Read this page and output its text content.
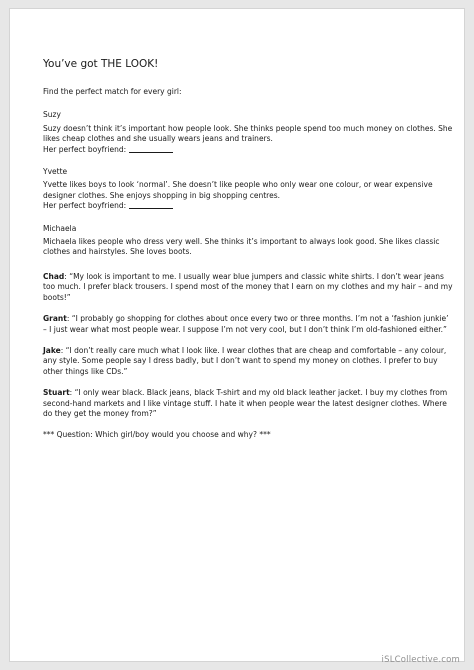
You’ve got THE LOOK!
Find the perfect match for every girl:
Suzy

Suzy doesn’t think it’s important how people look. She thinks people spend too much money on clothes. She likes cheap clothes and she usually wears jeans and trainers.

Her perfect boyfriend:
Yvette

Yvette likes boys to look ‘normal’. She doesn’t like people who only wear one colour, or wear expensive designer clothes. She enjoys shopping in big shopping centres.

Her perfect boyfriend:
Michaela

Michaela likes people who dress very well. She thinks it’s important to always look good. She likes classic clothes and hairstyles. She loves boots.

Chad: “My look is important to me. I usually wear blue jumpers and classic white shirts. I don’t wear jeans too much. I prefer black trousers. I spend most of the money that I earn on my clothes and my hair – and my boots!”
Grant: “I probably go shopping for clothes about once every two or three months. I’m not a ‘fashion junkie’ – I just wear what most people wear. I suppose I’m not very cool, but I don’t think I’m old-fashioned either.”
Jake: “I don’t really care much what I look like. I wear clothes that are cheap and comfortable – any colour, any style. Some people say I dress badly, but I don’t want to spend my money on clothes. I prefer to buy other things like CDs.”
Stuart: “I only wear black. Black jeans, black T-shirt and my old black leather jacket. I buy my clothes from second-hand markets and I like vintage stuff. I hate it when people wear the latest designer clothes. Where do they get the money from?”
*** Question: Which girl/boy would you choose and why? ***
iSLCollective.com
